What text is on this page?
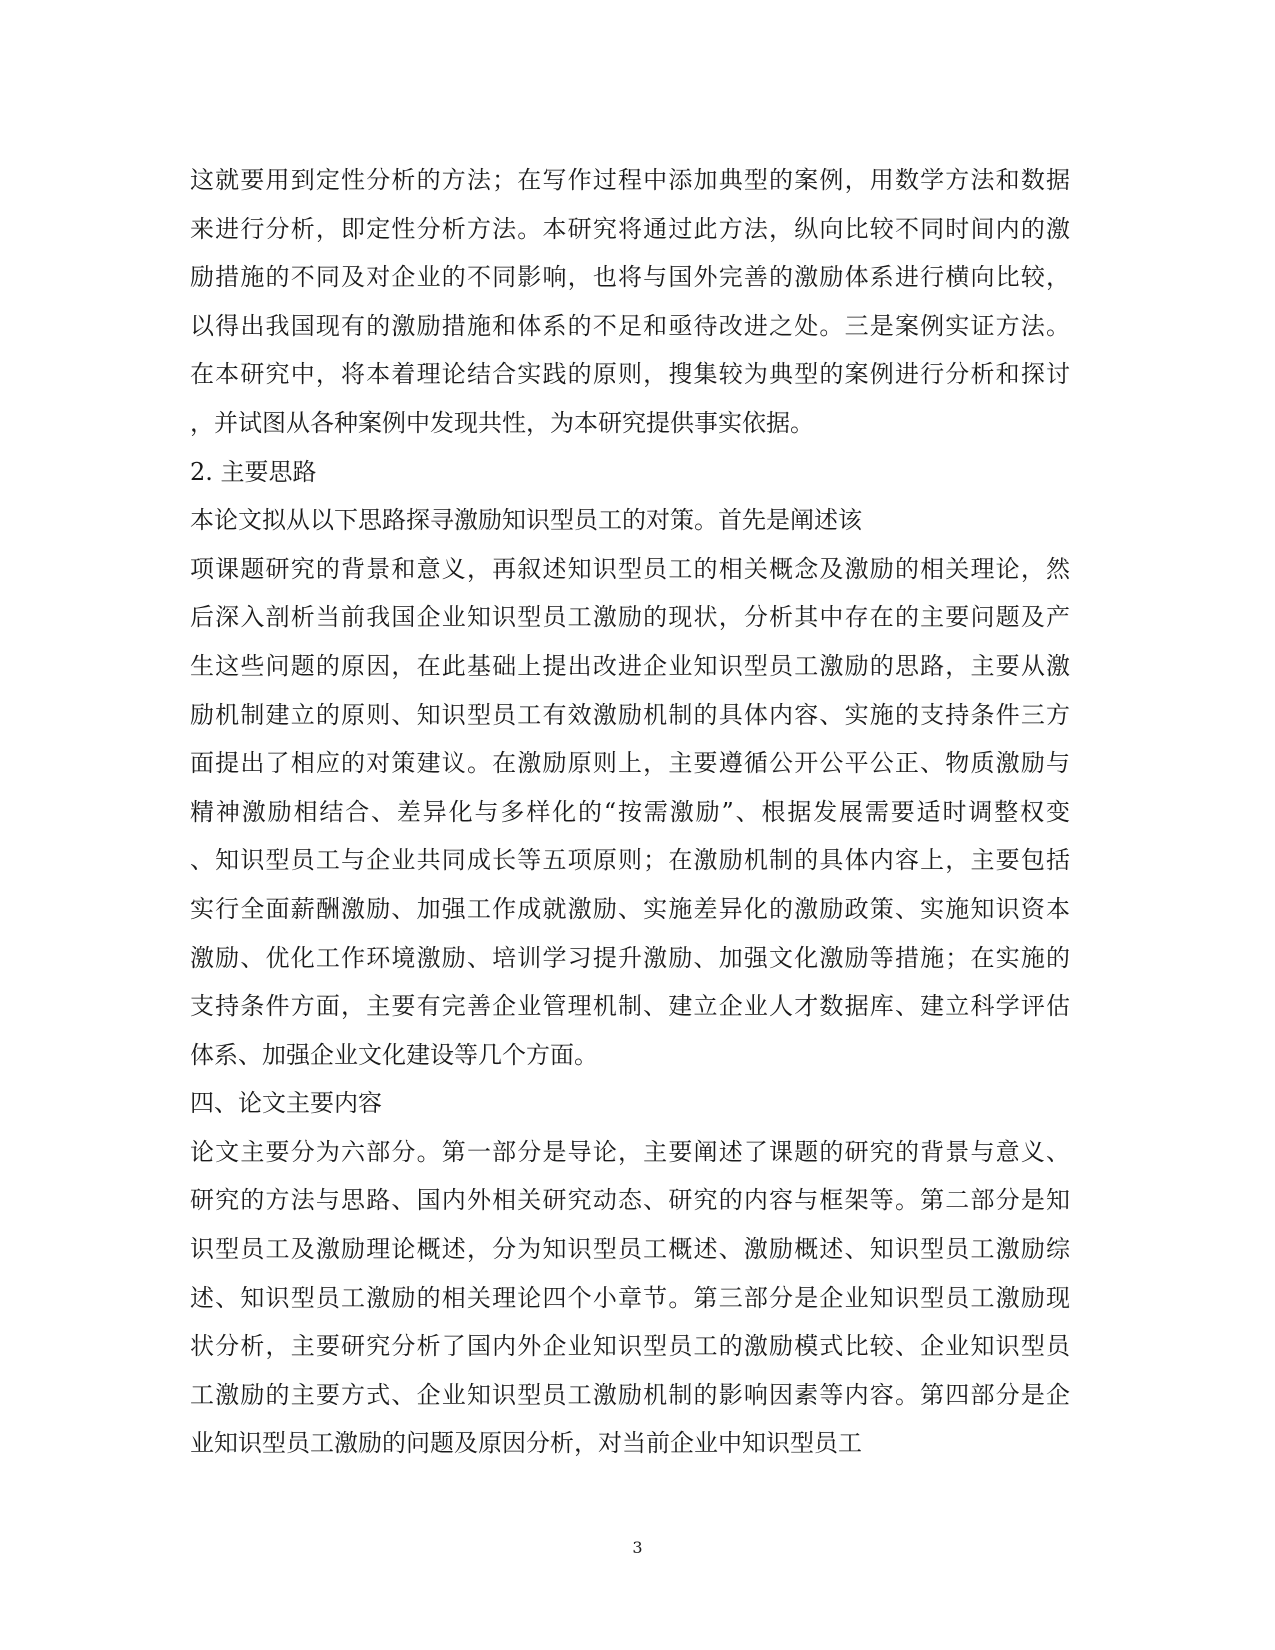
这就要用到定性分析的方法；在写作过程中添加典型的案例，用数学方法和数据
来进行分析，即定性分析方法。本研究将通过此方法，纵向比较不同时间内的激
励措施的不同及对企业的不同影响，也将与国外完善的激励体系进行横向比较，
以得出我国现有的激励措施和体系的不足和亟待改进之处。三是案例实证方法。
在本研究中，将本着理论结合实践的原则，搜集较为典型的案例进行分析和探讨
，并试图从各种案例中发现共性，为本研究提供事实依据。
2. 主要思路
本论文拟从以下思路探寻激励知识型员工的对策。首先是阐述该
项课题研究的背景和意义，再叙述知识型员工的相关概念及激励的相关理论，然
后深入剖析当前我国企业知识型员工激励的现状，分析其中存在的主要问题及产
生这些问题的原因，在此基础上提出改进企业知识型员工激励的思路，主要从激
励机制建立的原则、知识型员工有效激励机制的具体内容、实施的支持条件三方
面提出了相应的对策建议。在激励原则上，主要遵循公开公平公正、物质激励与
精神激励相结合、差异化与多样化的“按需激励”、根据发展需要适时调整权变
、知识型员工与企业共同成长等五项原则；在激励机制的具体内容上，主要包括
实行全面薪酬激励、加强工作成就激励、实施差异化的激励政策、实施知识资本
激励、优化工作环境激励、培训学习提升激励、加强文化激励等措施；在实施的
支持条件方面，主要有完善企业管理机制、建立企业人才数据库、建立科学评估
体系、加强企业文化建设等几个方面。
四、论文主要内容
论文主要分为六部分。第一部分是导论，主要阐述了课题的研究的背景与意义、
研究的方法与思路、国内外相关研究动态、研究的内容与框架等。第二部分是知
识型员工及激励理论概述，分为知识型员工概述、激励概述、知识型员工激励综
述、知识型员工激励的相关理论四个小章节。第三部分是企业知识型员工激励现
状分析，主要研究分析了国内外企业知识型员工的激励模式比较、企业知识型员
工激励的主要方式、企业知识型员工激励机制的影响因素等内容。第四部分是企
业知识型员工激励的问题及原因分析，对当前企业中知识型员工
3
